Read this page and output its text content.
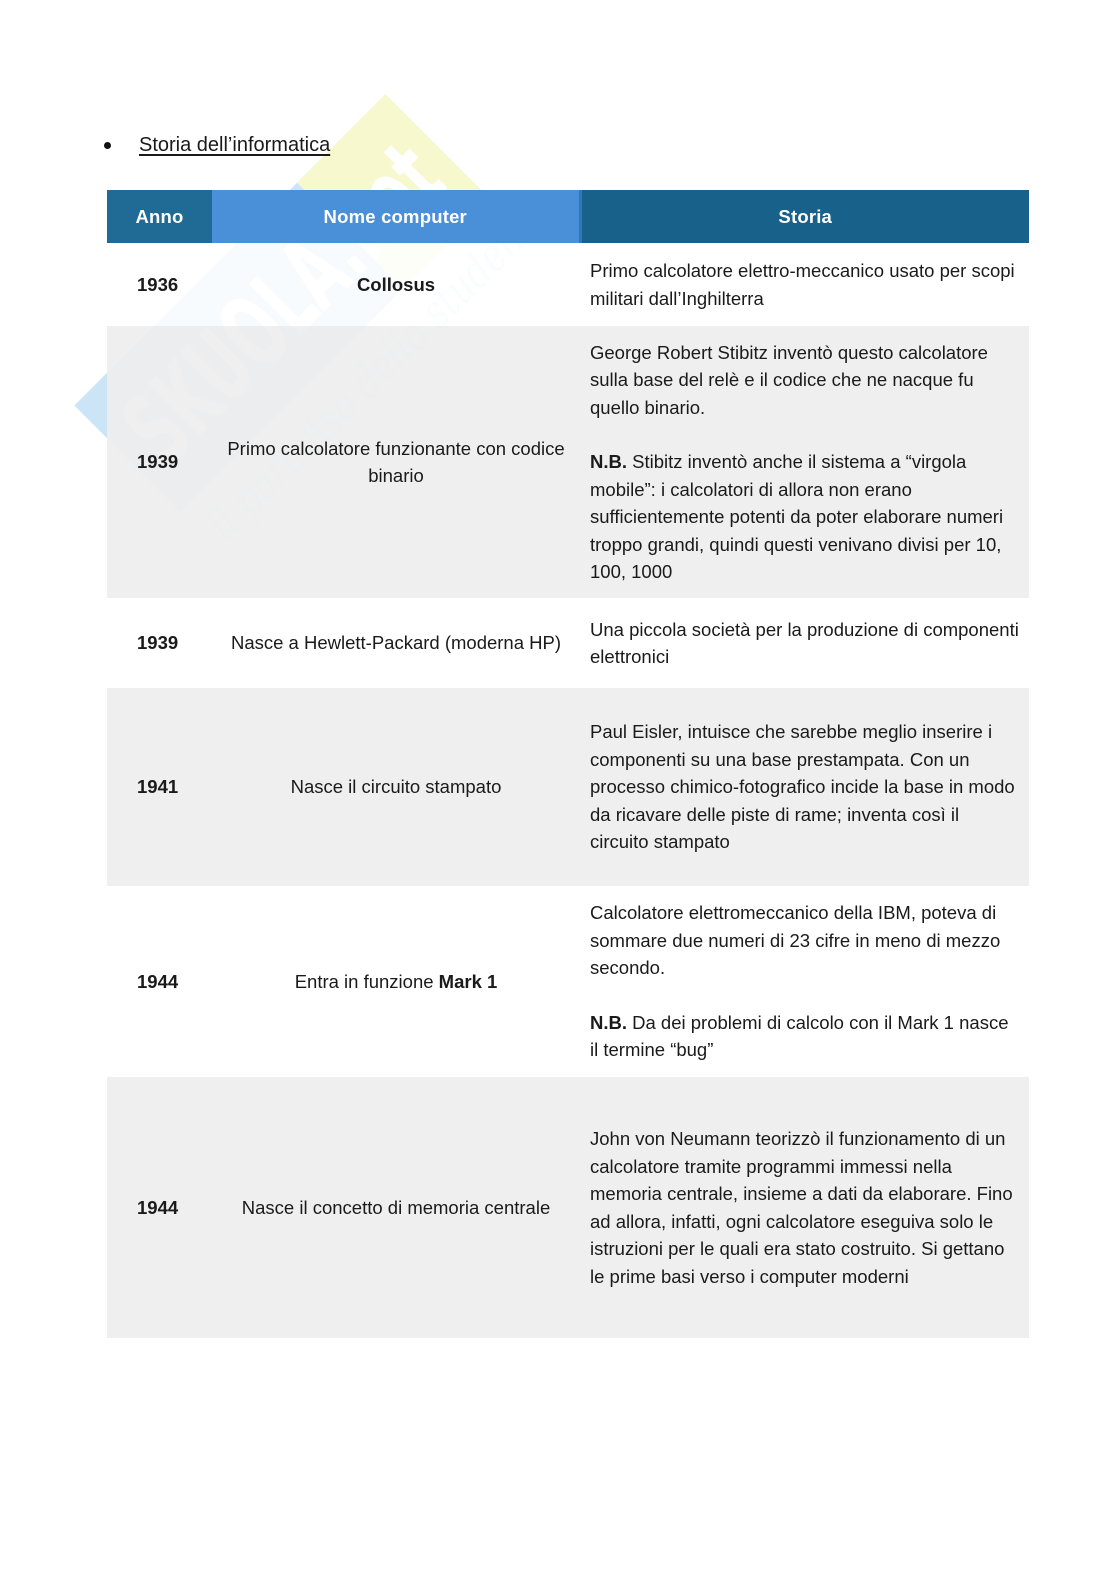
Storia dell’informatica
Anno	Nome computer	Storia
1936	Collosus	Primo calcolatore elettro-meccanico usato per scopi militari dall’Inghilterra

1939	Primo calcolatore funzionante con codice binario	George Robert Stibitz inventò questo calcolatore sulla base del relè e il codice che ne nacque fu quello binario.

N.B. Stibitz inventò anche il sistema a “virgola mobile”: i calcolatori di allora non erano sufficientemente potenti da poter elaborare numeri troppo grandi, quindi questi venivano divisi per 10, 100, 1000

1939	Nasce a Hewlett-Packard (moderna HP)	Una piccola società per la produzione di componenti elettronici

1941	Nasce il circuito stampato	Paul Eisler, intuisce che sarebbe meglio inserire i componenti su una base prestampata. Con un processo chimico-fotografico incide la base in modo da ricavare delle piste di rame; inventa così il circuito stampato

1944	Entra in funzione Mark 1	Calcolatore elettromeccanico della IBM, poteva di sommare due numeri di 23 cifre in meno di mezzo secondo.

N.B. Da dei problemi di calcolo con il Mark 1 nasce il termine “bug”

1944	Nasce il concetto di memoria centrale	John von Neumann teorizzò il funzionamento di un calcolatore tramite programmi immessi nella memoria centrale, insieme a dati da elaborare. Fino ad allora, infatti, ogni calcolatore eseguiva solo le istruzioni per le quali era stato costruito. Si gettano le prime basi verso i computer moderni
